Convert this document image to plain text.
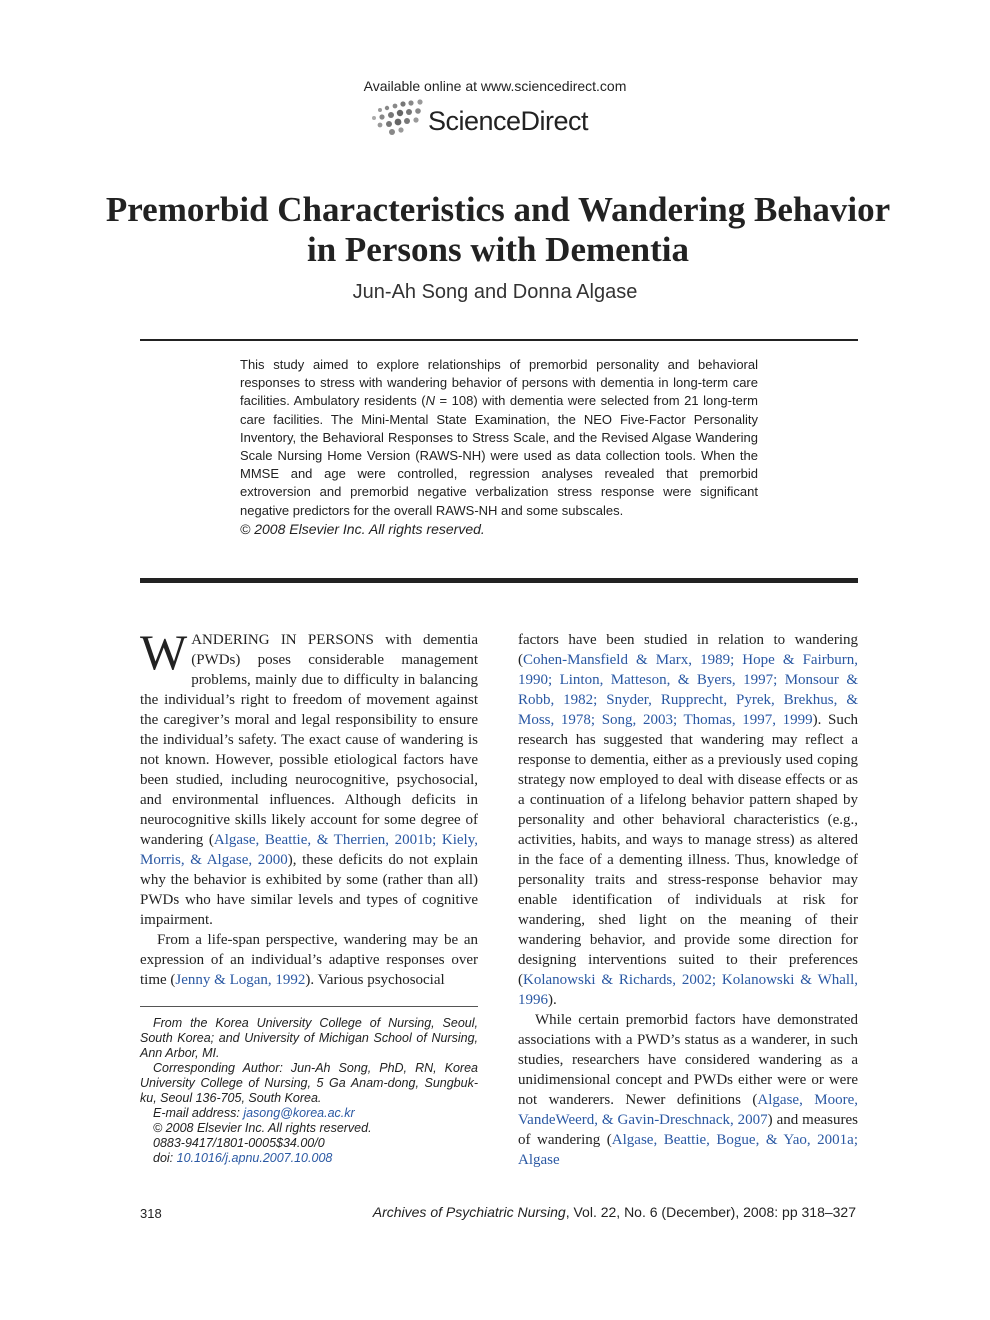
Available online at www.sciencedirect.com
ScienceDirect
Premorbid Characteristics and Wandering Behavior in Persons with Dementia
Jun-Ah Song and Donna Algase

This study aimed to explore relationships of premorbid personality and behavioral responses to stress with wandering behavior of persons with dementia in long-term care facilities. Ambulatory residents (N = 108) with dementia were selected from 21 long-term care facilities. The Mini-Mental State Examination, the NEO Five-Factor Personality Inventory, the Behavioral Responses to Stress Scale, and the Revised Algase Wandering Scale Nursing Home Version (RAWS-NH) were used as data collection tools. When the MMSE and age were controlled, regression analyses revealed that premorbid extroversion and premorbid negative verbalization stress response were significant negative predictors for the overall RAWS-NH and some subscales.

© 2008 Elsevier Inc. All rights reserved.

WANDERING IN PERSONS with dementia (PWDs) poses considerable management problems, mainly due to difficulty in balancing the individual’s right to freedom of movement against the caregiver’s moral and legal responsibility to ensure the individual’s safety. The exact cause of wandering is not known. However, possible etiological factors have been studied, including neurocognitive, psychosocial, and environmental influences. Although deficits in neurocognitive skills likely account for some degree of wandering (Algase, Beattie, & Therrien, 2001b; Kiely, Morris, & Algase, 2000), these deficits do not explain why the behavior is exhibited by some (rather than all) PWDs who have similar levels and types of cognitive impairment.

From a life-span perspective, wandering may be an expression of an individual’s adaptive responses over time (Jenny & Logan, 1992). Various psychosocial

From the Korea University College of Nursing, Seoul, South Korea; and University of Michigan School of Nursing, Ann Arbor, MI.

Corresponding Author: Jun-Ah Song, PhD, RN, Korea University College of Nursing, 5 Ga Anam-dong, Sungbuk-ku, Seoul 136-705, South Korea.

E-mail address: jasong@korea.ac.kr

© 2008 Elsevier Inc. All rights reserved.

0883-9417/1801-0005$34.00/0

doi: 10.1016/j.apnu.2007.10.008

factors have been studied in relation to wandering (Cohen-Mansfield & Marx, 1989; Hope & Fairburn, 1990; Linton, Matteson, & Byers, 1997; Monsour & Robb, 1982; Snyder, Rupprecht, Pyrek, Brekhus, & Moss, 1978; Song, 2003; Thomas, 1997, 1999). Such research has suggested that wandering may reflect a response to dementia, either as a previously used coping strategy now employed to deal with disease effects or as a continuation of a lifelong behavior pattern shaped by personality and other behavioral characteristics (e.g., activities, habits, and ways to manage stress) as altered in the face of a dementing illness. Thus, knowledge of personality traits and stress-response behavior may enable identification of individuals at risk for wandering, shed light on the meaning of their wandering behavior, and provide some direction for designing interventions suited to their preferences (Kolanowski & Richards, 2002; Kolanowski & Whall, 1996).

While certain premorbid factors have demonstrated associations with a PWD’s status as a wanderer, in such studies, researchers have considered wandering as a unidimensional concept and PWDs either were or were not wanderers. Newer definitions (Algase, Moore, VandeWeerd, & Gavin-Dreschnack, 2007) and measures of wandering (Algase, Beattie, Bogue, & Yao, 2001a; Algase

318	Archives of Psychiatric Nursing, Vol. 22, No. 6 (December), 2008: pp 318–327
